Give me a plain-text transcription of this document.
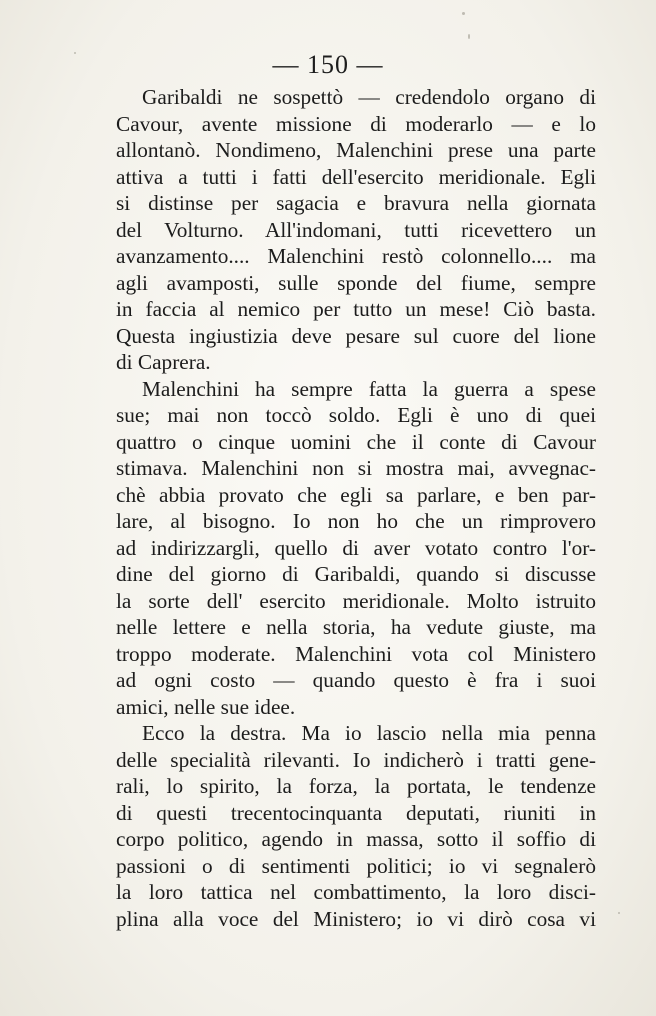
— 150 —
Garibaldi ne sospettò — credendolo organo di
Cavour, avente missione di moderarlo — e lo
allontanò. Nondimeno, Malenchini prese una parte
attiva a tutti i fatti dell'esercito meridionale. Egli
si distinse per sagacia e bravura nella giornata
del Volturno. All'indomani, tutti ricevettero un
avanzamento.... Malenchini restò colonnello.... ma
agli avamposti, sulle sponde del fiume, sempre
in faccia al nemico per tutto un mese! Ciò basta.
Questa ingiustizia deve pesare sul cuore del lione
di Caprera.
Malenchini ha sempre fatta la guerra a spese
sue; mai non toccò soldo. Egli è uno di quei
quattro o cinque uomini che il conte di Cavour
stimava. Malenchini non si mostra mai, avvegnac-
chè abbia provato che egli sa parlare, e ben par-
lare, al bisogno. Io non ho che un rimprovero
ad indirizzargli, quello di aver votato contro l'or-
dine del giorno di Garibaldi, quando si discusse
la sorte dell' esercito meridionale. Molto istruito
nelle lettere e nella storia, ha vedute giuste, ma
troppo moderate. Malenchini vota col Ministero
ad ogni costo — quando questo è fra i suoi
amici, nelle sue idee.
Ecco la destra. Ma io lascio nella mia penna
delle specialità rilevanti. Io indicherò i tratti gene-
rali, lo spirito, la forza, la portata, le tendenze
di questi trecentocinquanta deputati, riuniti in
corpo politico, agendo in massa, sotto il soffio di
passioni o di sentimenti politici; io vi segnalerò
la loro tattica nel combattimento, la loro disci-
plina alla voce del Ministero; io vi dirò cosa vi
